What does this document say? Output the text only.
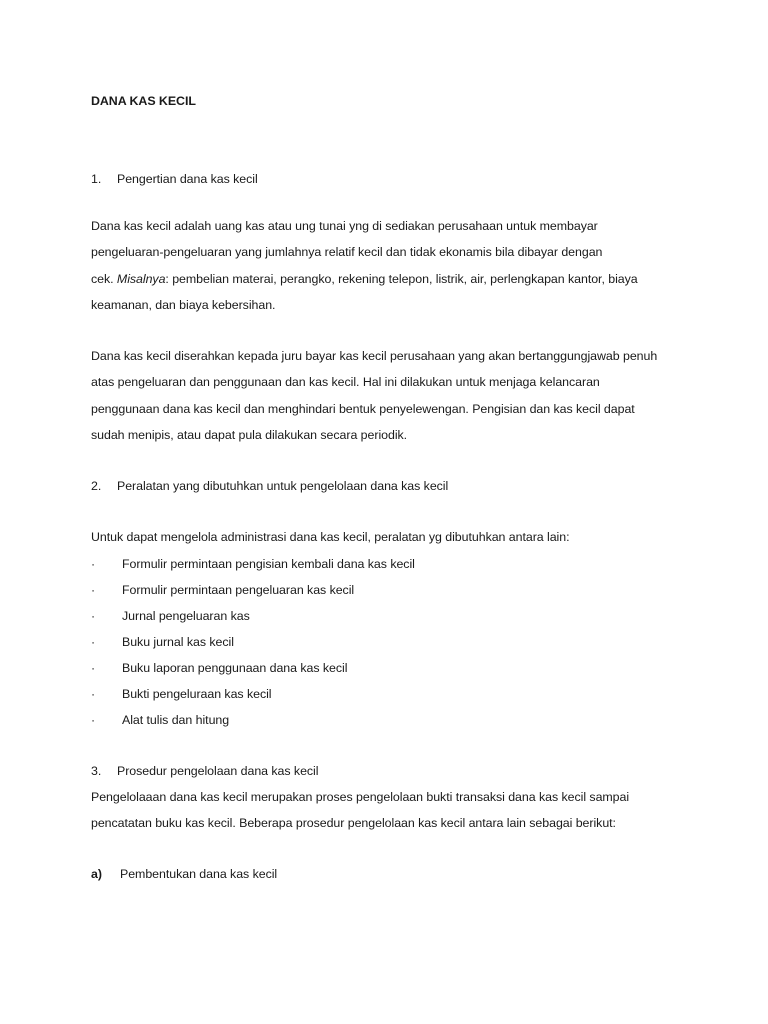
DANA KAS KECIL
1.	Pengertian dana kas kecil

Dana kas kecil adalah uang kas atau ung tunai yng di sediakan perusahaan untuk membayar
pengeluaran-pengeluaran yang jumlahnya relatif kecil dan tidak ekonamis bila dibayar dengan
cek. Misalnya: pembelian materai, perangko, rekening telepon, listrik, air, perlengkapan kantor, biaya
keamanan, dan biaya kebersihan.

Dana kas kecil diserahkan kepada juru bayar kas kecil perusahaan yang akan bertanggungjawab penuh
atas pengeluaran dan penggunaan dan kas kecil. Hal ini dilakukan untuk menjaga kelancaran
penggunaan dana kas kecil dan menghindari bentuk penyelewengan. Pengisian dan kas kecil dapat
sudah menipis, atau dapat pula dilakukan secara periodik.

2.	Peralatan yang dibutuhkan untuk pengelolaan dana kas kecil

Untuk dapat mengelola administrasi dana kas kecil, peralatan yg dibutuhkan antara lain:

·	Formulir permintaan pengisian kembali dana kas kecil
·	Formulir permintaan pengeluaran kas kecil
·	Jurnal pengeluaran kas
·	Buku jurnal kas kecil
·	Buku laporan penggunaan dana kas kecil
·	Bukti pengeluraan kas kecil
·	Alat tulis dan hitung
3.	Prosedur pengelolaan dana kas kecil

Pengelolaaan dana kas kecil merupakan proses pengelolaan bukti transaksi dana kas kecil sampai
pencatatan buku kas kecil. Beberapa prosedur pengelolaan kas kecil antara lain sebagai berikut:

a)	Pembentukan dana kas kecil
